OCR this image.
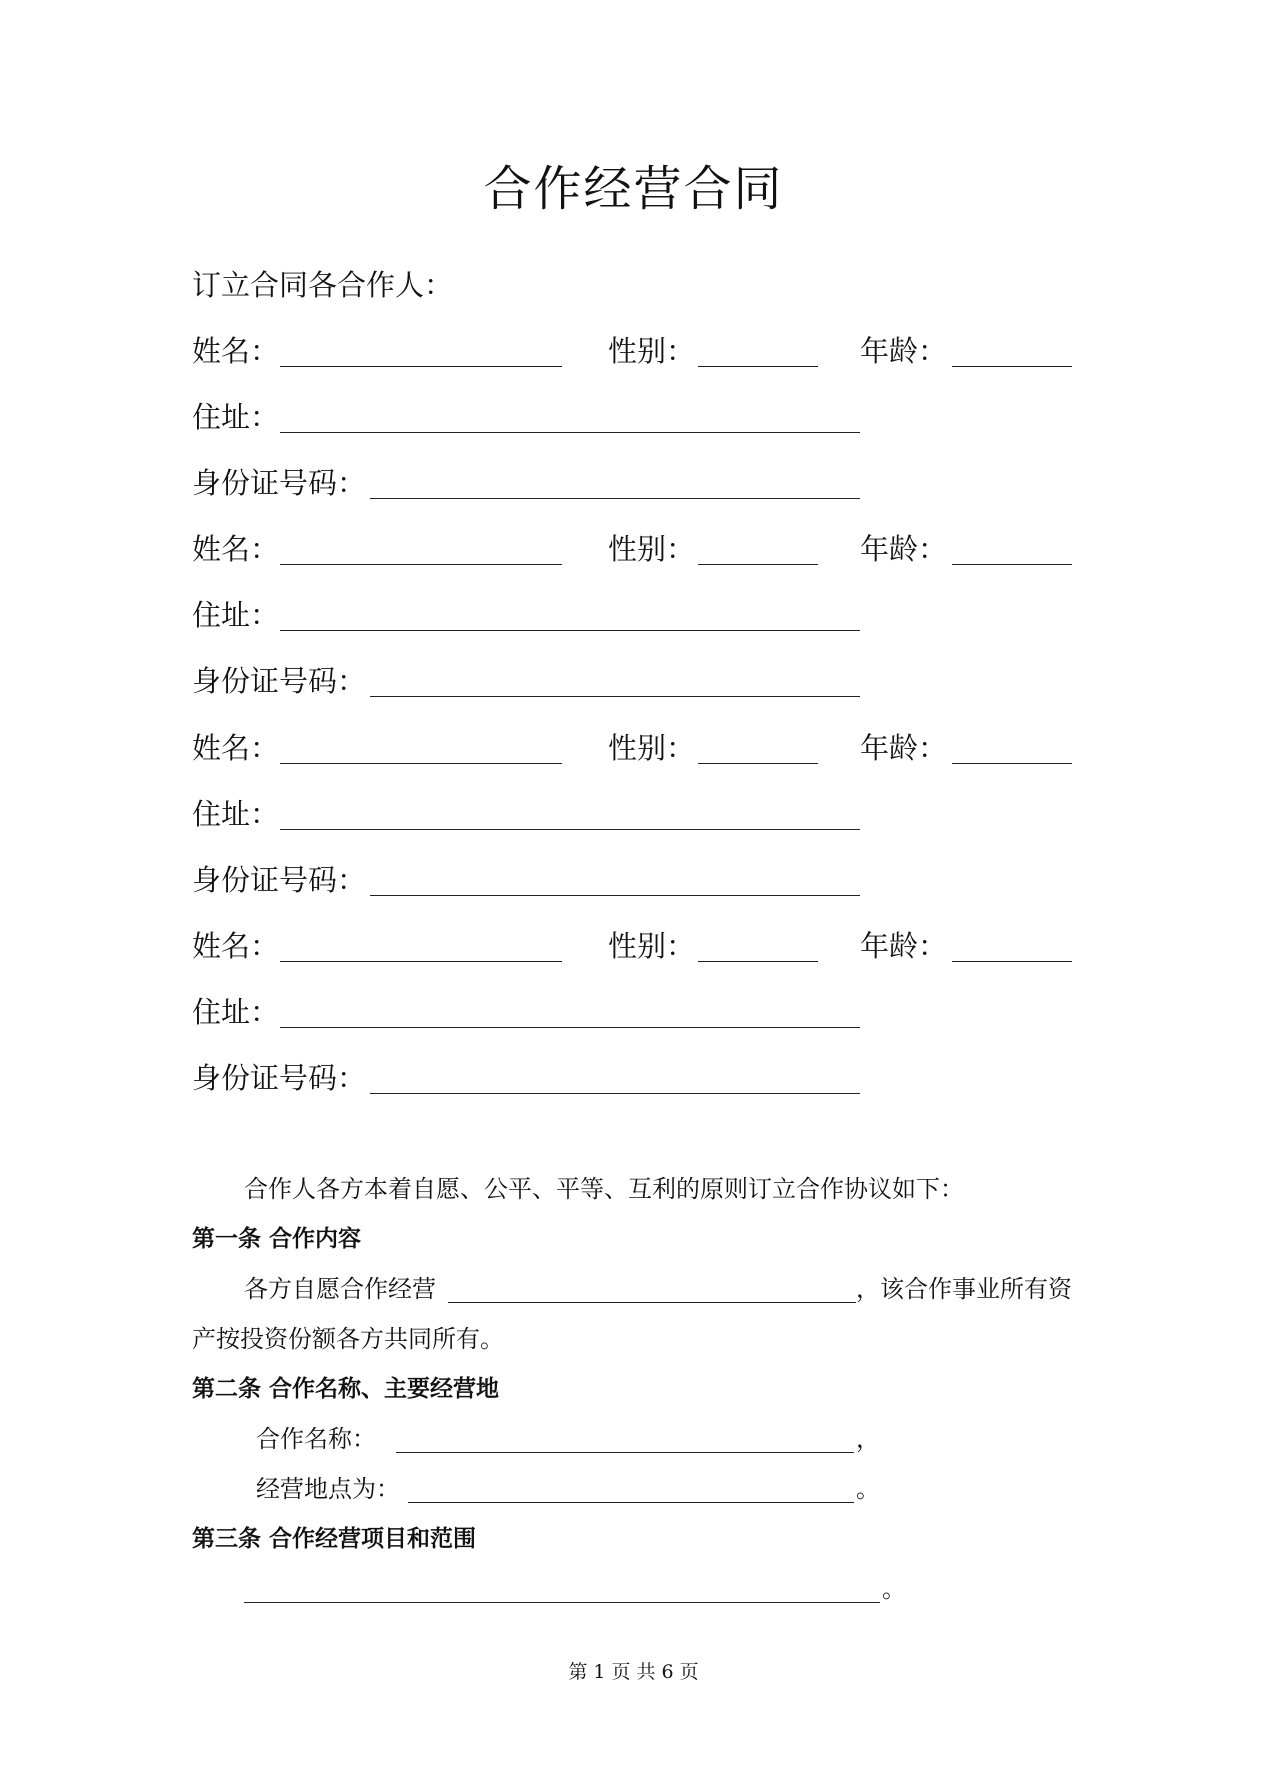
合作经营合同
订立合同各合作人：
姓名：	性别：	年龄：
住址：
身份证号码：
姓名：	性别：	年龄：
住址：
身份证号码：
姓名：	性别：	年龄：
住址：
身份证号码：
姓名：	性别：	年龄：
住址：
身份证号码：
合作人各方本着自愿、公平、平等、互利的原则订立合作协议如下：
第一条 合作内容
各方自愿合作经营	，该合作事业所有资
产按投资份额各方共同所有。
第二条 合作名称、主要经营地
合作名称：	，
经营地点为：	。
第三条 合作经营项目和范围
。
第 1 页 共 6 页
